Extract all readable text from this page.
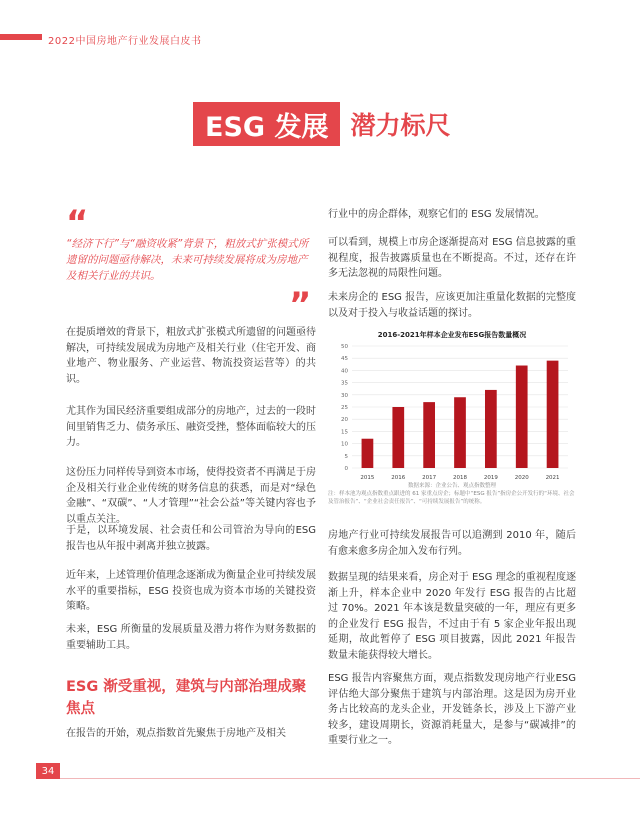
2022中国房地产行业发展白皮书
ESG 发展 潜力标尺
“
“经济下行”与“融资收紧”背景下，粗放式扩张模式所遗留的问题亟待解决，未来可持续发展将成为房地产及相关行业的共识。
”
在提质增效的背景下，粗放式扩张模式所遗留的问题亟待解决，可持续发展成为房地产及相关行业（住宅开发、商业地产、物业服务、产业运营、物流投资运营等）的共识。
尤其作为国民经济重要组成部分的房地产，过去的一段时间里销售乏力、债务承压、融资受挫，整体面临较大的压力。
这份压力同样传导到资本市场，使得投资者不再满足于房企及相关行业企业传统的财务信息的获悉，而是对“绿色金融”、“双碳”、“人才管理”“社会公益”等关键内容也予以重点关注。
于是，以环境发展、社会责任和公司管治为导向的ESG 报告也从年报中剥离并独立披露。
近年来，上述管理价值理念逐渐成为衡量企业可持续发展水平的重要指标，ESG 投资也成为资本市场的关键投资策略。
未来，ESG 所衡量的发展质量及潜力将作为财务数据的重要辅助工具。
ESG 渐受重视，建筑与内部治理成聚焦点
在报告的开始，观点指数首先聚焦于房地产及相关
行业中的房企群体，观察它们的 ESG 发展情况。
可以看到，规模上市房企逐渐提高对 ESG 信息披露的重视程度，报告披露质量也在不断提高。不过，还存在许多无法忽视的局限性问题。
未来房企的 ESG 报告，应该更加注重量化数据的完整度以及对于投入与收益话题的探讨。
2016-2021年样本企业发布ESG报告数量概况
0
5
10
15
20
25
30
35
40
45
50
2015	2016	2017	2018	2019	2020	2021
数据来源：企业公告、观点指数整理
注：样本池为观点指数重点跟进的 61 家重点房企；标题中“ESG 报告”指房企公开发行的“环境、社会及管治报告”、“企业社会责任报告”、“可持续发展报告”的统称。
房地产行业可持续发展报告可以追溯到 2010 年，随后有愈来愈多房企加入发布行列。
数据呈现的结果来看，房企对于 ESG 理念的重视程度逐渐上升，样本企业中 2020 年发行 ESG 报告的占比超过 70%。2021 年本该是数量突破的一年，理应有更多的企业发行 ESG 报告，不过由于有 5 家企业年报出现延期，故此暂停了 ESG 项目披露，因此 2021 年报告数量未能获得较大增长。
ESG 报告内容聚焦方面，观点指数发现房地产行业ESG 评估绝大部分聚焦于建筑与内部治理。这是因为房开业务占比较高的龙头企业，开发链条长，涉及上下游产业较多，建设周期长，资源消耗量大，是参与“碳减排”的重要行业之一。
34
